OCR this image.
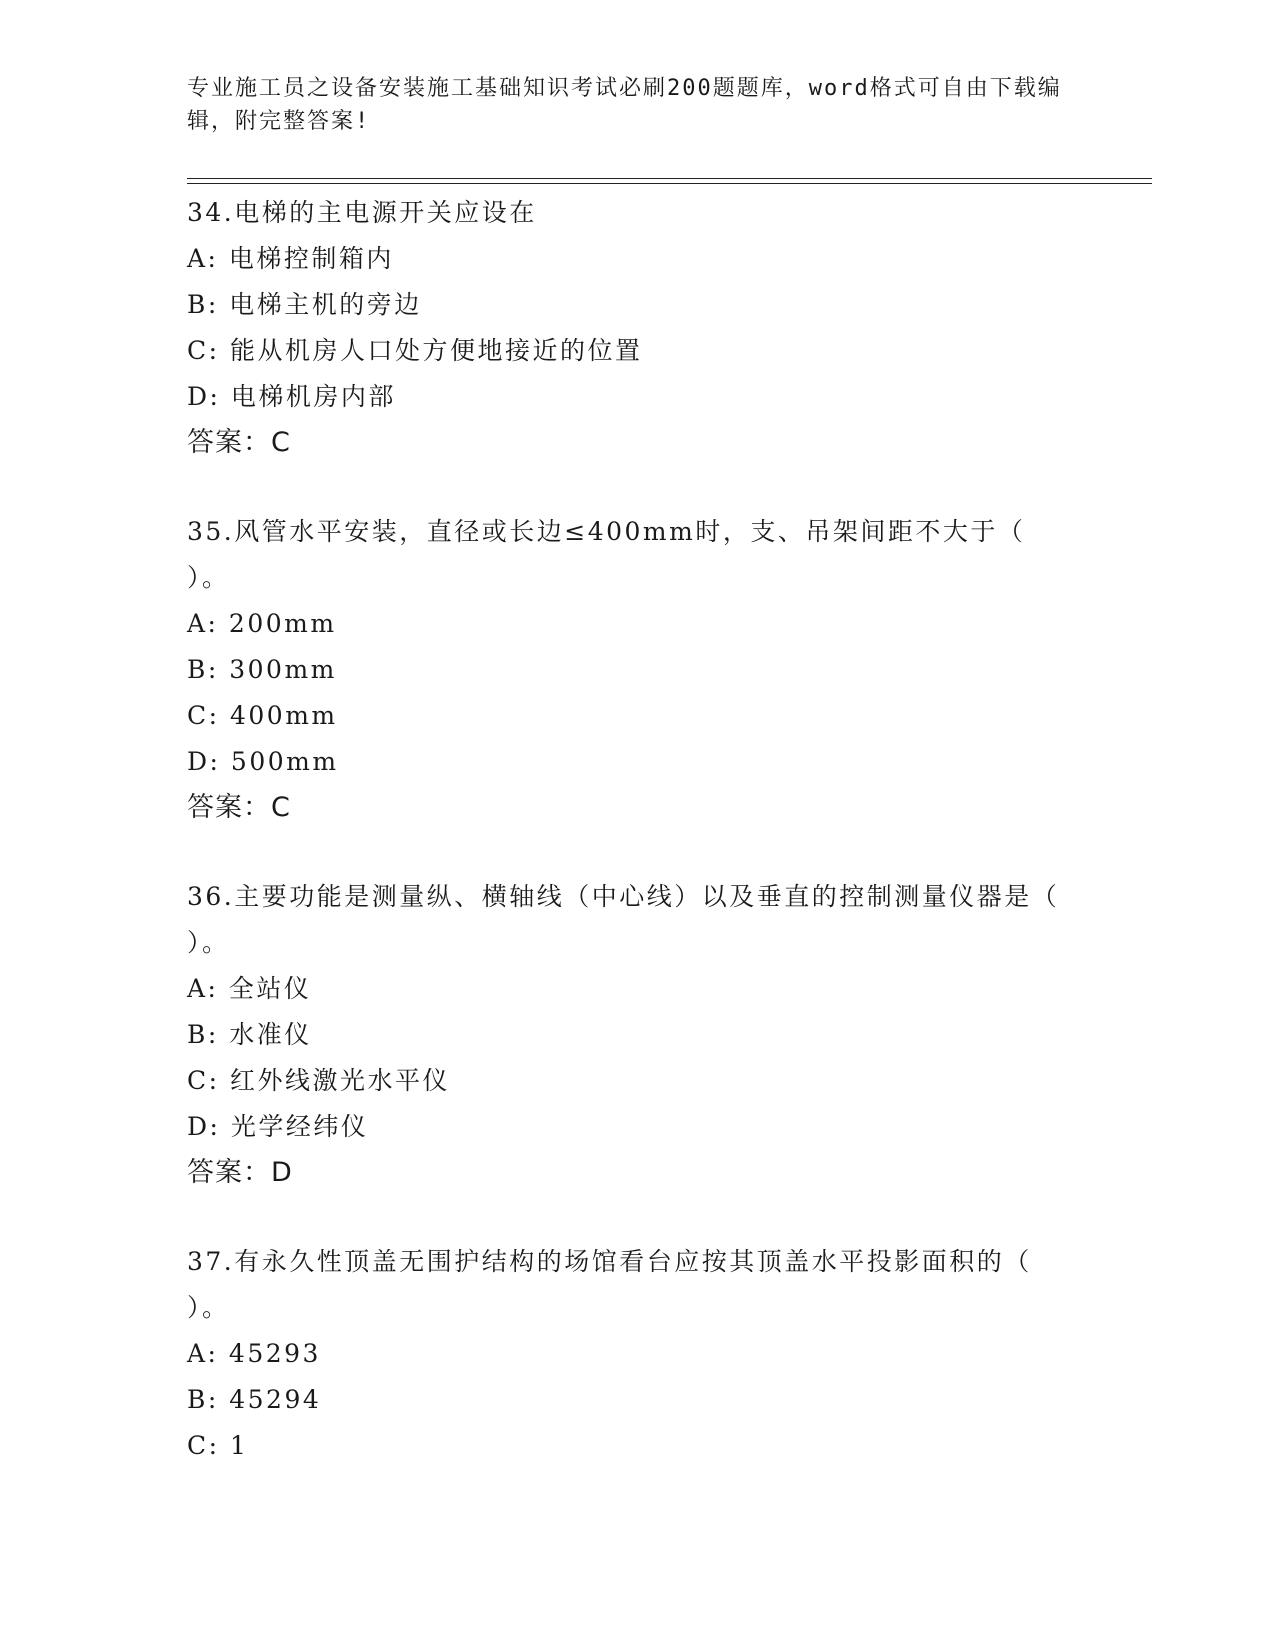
专业施工员之设备安装施工基础知识考试必刷200题题库，word格式可自由下载编辑，附完整答案!

34.电梯的主电源开关应设在

A: 电梯控制箱内

B: 电梯主机的旁边

C: 能从机房人口处方便地接近的位置

D: 电梯机房内部

答案：C

35.风管水平安装，直径或长边≤400mm时，支、吊架间距不大于（ ）。

A: 200mm

B: 300mm

C: 400mm

D: 500mm

答案：C

36.主要功能是测量纵、横轴线（中心线）以及垂直的控制测量仪器是（ ）。

A: 全站仪

B: 水准仪

C: 红外线激光水平仪

D: 光学经纬仪

答案：D

37.有永久性顶盖无围护结构的场馆看台应按其顶盖水平投影面积的（ ）。

A: 45293

B: 45294

C: 1
